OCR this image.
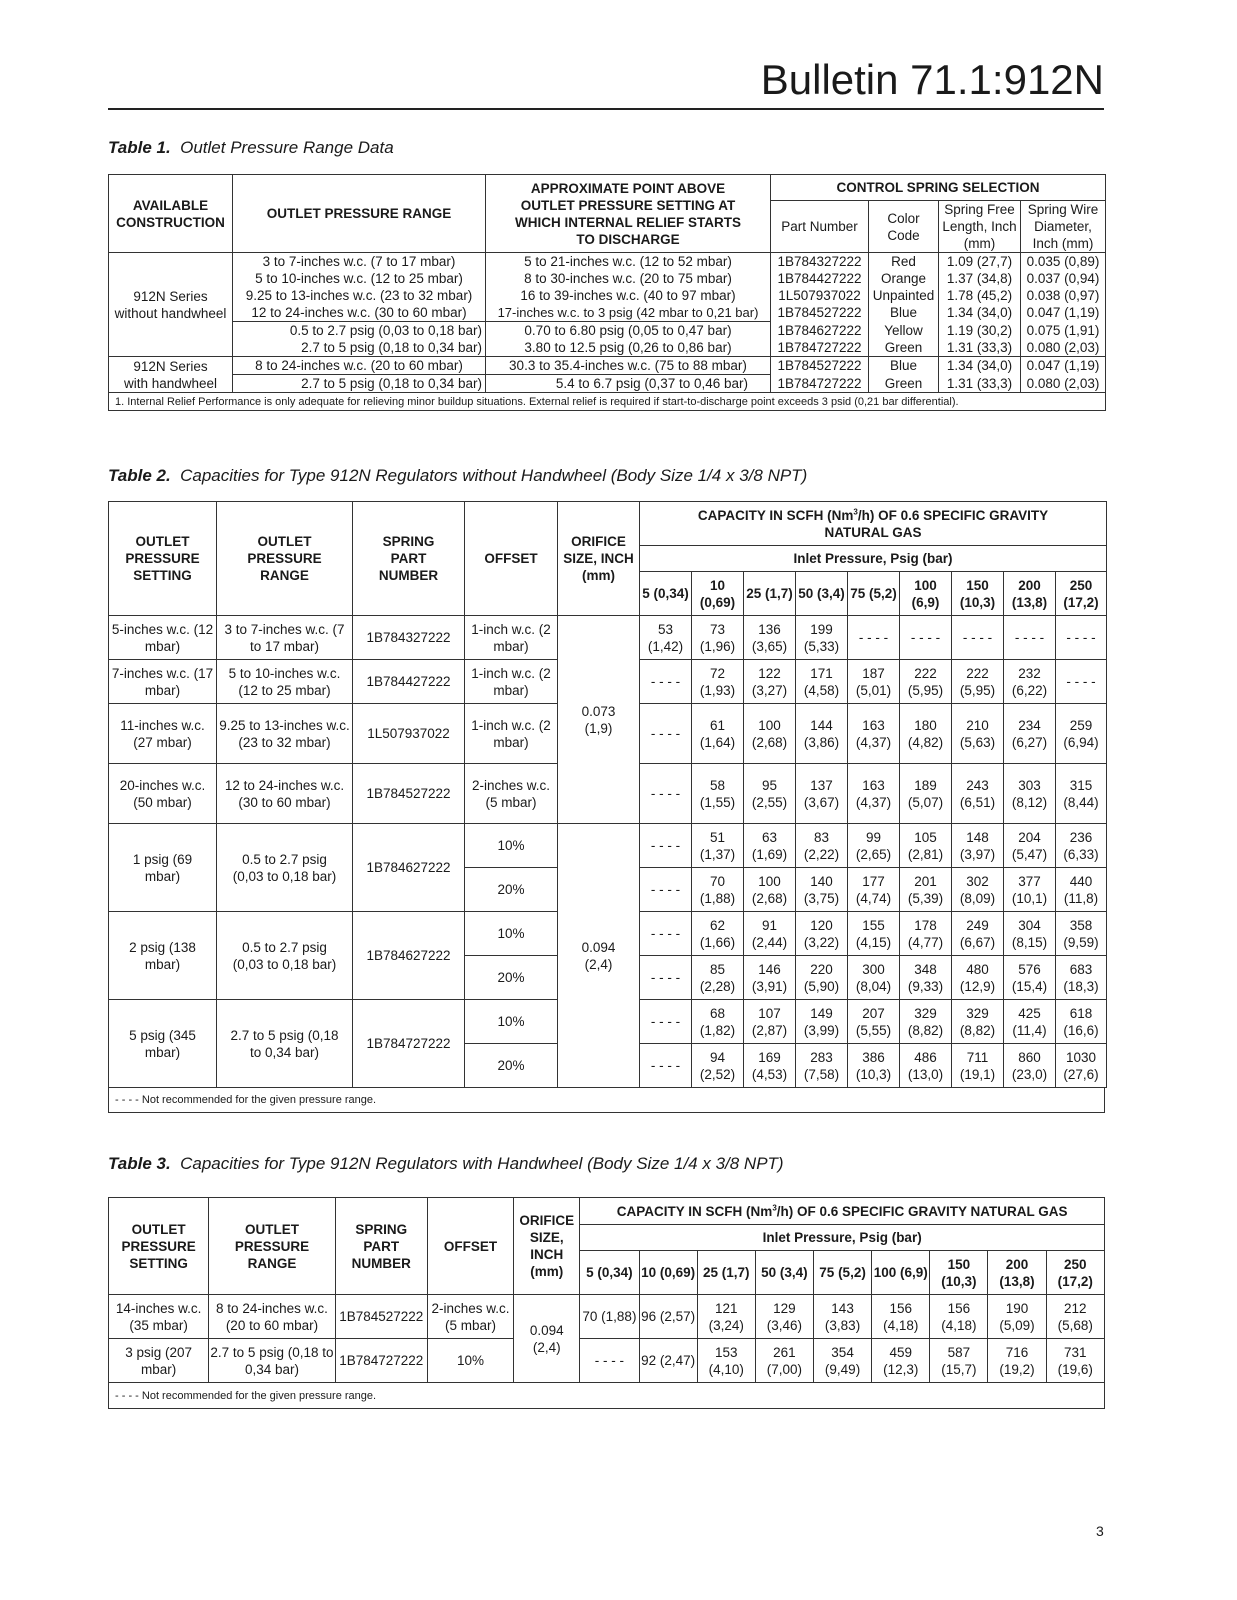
Bulletin 71.1:912N
Table 1. Outlet Pressure Range Data
AVAILABLE CONSTRUCTION	OUTLET PRESSURE RANGE	APPROXIMATE POINT ABOVE OUTLET PRESSURE SETTING AT WHICH INTERNAL RELIEF STARTS TO DISCHARGE	CONTROL SPRING SELECTION			
			Part Number	Color Code	Spring Free Length, Inch (mm)	Spring Wire Diameter, Inch (mm)
912N Series without handwheel	3 to 7-inches w.c. (7 to 17 mbar)	5 to 21-inches w.c. (12 to 52 mbar)	1B784327222	Red	1.09 (27,7)	0.035 (0,89)
	5 to 10-inches w.c. (12 to 25 mbar)	8 to 30-inches w.c. (20 to 75 mbar)	1B784427222	Orange	1.37 (34,8)	0.037 (0,94)
	9.25 to 13-inches w.c. (23 to 32 mbar)	16 to 39-inches w.c. (40 to 97 mbar)	1L507937022	Unpainted	1.78 (45,2)	0.038 (0,97)
	12 to 24-inches w.c. (30 to 60 mbar)	17-inches w.c. to 3 psig (42 mbar to 0,21 bar)	1B784527222	Blue	1.34 (34,0)	0.047 (1,19)
	0.5 to 2.7 psig (0,03 to 0,18 bar)	0.70 to 6.80 psig (0,05 to 0,47 bar)	1B784627222	Yellow	1.19 (30,2)	0.075 (1,91)
	2.7 to 5 psig (0,18 to 0,34 bar)	3.80 to 12.5 psig (0,26 to 0,86 bar)	1B784727222	Green	1.31 (33,3)	0.080 (2,03)
912N Series with handwheel	8 to 24-inches w.c. (20 to 60 mbar)	30.3 to 35.4-inches w.c. (75 to 88 mbar)	1B784527222	Blue	1.34 (34,0)	0.047 (1,19)
	2.7 to 5 psig (0,18 to 0,34 bar)	5.4 to 6.7 psig (0,37 to 0,46 bar)	1B784727222	Green	1.31 (33,3)	0.080 (2,03)
1. Internal Relief Performance is only adequate for relieving minor buildup situations. External relief is required if start-to-discharge point exceeds 3 psid (0,21 bar differential).						
Table 2. Capacities for Type 912N Regulators without Handwheel (Body Size 1/4 x 3/8 NPT)
OUTLET PRESSURE SETTING	OUTLET PRESSURE RANGE	SPRING PART NUMBER	OFFSET	ORIFICE SIZE, INCH (mm)	CAPACITY IN SCFH (Nm$^3$/h) OF 0.6 SPECIFIC GRAVITY NATURAL GAS								
					Inlet Pressure, Psig (bar)								
					5 (0,34)	10 (0,69)	25 (1,7)	50 (3,4)	75 (5,2)	100 (6,9)	150 (10,3)	200 (13,8)	250 (17,2)
5-inches w.c. (12 mbar)	3 to 7-inches w.c. (7 to 17 mbar)	1B784327222	1-inch w.c. (2 mbar)	0.073 (1,9)	53 (1,42)	73 (1,96)	136 (3,65)	199 (5,33)	- - - -	- - - -	- - - -	- - - -	- - - -
7-inches w.c. (17 mbar)	5 to 10-inches w.c. (12 to 25 mbar)	1B784427222	1-inch w.c. (2 mbar)		- - - -	72 (1,93)	122 (3,27)	171 (4,58)	187 (5,01)	222 (5,95)	222 (5,95)	232 (6,22)	- - - -
11-inches w.c. (27 mbar)	9.25 to 13-inches w.c. (23 to 32 mbar)	1L507937022	1-inch w.c. (2 mbar)		- - - -	61 (1,64)	100 (2,68)	144 (3,86)	163 (4,37)	180 (4,82)	210 (5,63)	234 (6,27)	259 (6,94)
20-inches w.c. (50 mbar)	12 to 24-inches w.c. (30 to 60 mbar)	1B784527222	2-inches w.c. (5 mbar)		- - - -	58 (1,55)	95 (2,55)	137 (3,67)	163 (4,37)	189 (5,07)	243 (6,51)	303 (8,12)	315 (8,44)
1 psig (69 mbar)	0.5 to 2.7 psig (0,03 to 0,18 bar)	1B784627222	10%	0.094 (2,4)	- - - -	51 (1,37)	63 (1,69)	83 (2,22)	99 (2,65)	105 (2,81)	148 (3,97)	204 (5,47)	236 (6,33)
			20%		- - - -	70 (1,88)	100 (2,68)	140 (3,75)	177 (4,74)	201 (5,39)	302 (8,09)	377 (10,1)	440 (11,8)
2 psig (138 mbar)	0.5 to 2.7 psig (0,03 to 0,18 bar)	1B784627222	10%		- - - -	62 (1,66)	91 (2,44)	120 (3,22)	155 (4,15)	178 (4,77)	249 (6,67)	304 (8,15)	358 (9,59)
			20%		- - - -	85 (2,28)	146 (3,91)	220 (5,90)	300 (8,04)	348 (9,33)	480 (12,9)	576 (15,4)	683 (18,3)
5 psig (345 mbar)	2.7 to 5 psig (0,18 to 0,34 bar)	1B784727222	10%		- - - -	68 (1,82)	107 (2,87)	149 (3,99)	207 (5,55)	329 (8,82)	329 (8,82)	425 (11,4)	618 (16,6)
			20%		- - - -	94 (2,52)	169 (4,53)	283 (7,58)	386 (10,3)	486 (13,0)	711 (19,1)	860 (23,0)	1030 (27,6)
- - - - Not recommended for the given pressure range.
Table 3. Capacities for Type 912N Regulators with Handwheel (Body Size 1/4 x 3/8 NPT)
OUTLET PRESSURE SETTING	OUTLET PRESSURE RANGE	SPRING PART NUMBER	OFFSET	ORIFICE SIZE, INCH (mm)	CAPACITY IN SCFH (Nm$^3$/h) OF 0.6 SPECIFIC GRAVITY NATURAL GAS								
					Inlet Pressure, Psig (bar)								
					5 (0,34)	10 (0,69)	25 (1,7)	50 (3,4)	75 (5,2)	100 (6,9)	150 (10,3)	200 (13,8)	250 (17,2)
14-inches w.c. (35 mbar)	8 to 24-inches w.c. (20 to 60 mbar)	1B784527222	2-inches w.c. (5 mbar)	0.094 (2,4)	70 (1,88)	96 (2,57)	121 (3,24)	129 (3,46)	143 (3,83)	156 (4,18)	156 (4,18)	190 (5,09)	212 (5,68)
3 psig (207 mbar)	2.7 to 5 psig (0,18 to 0,34 bar)	1B784727222	10%		- - - -	92 (2,47)	153 (4,10)	261 (7,00)	354 (9,49)	459 (12,3)	587 (15,7)	716 (19,2)	731 (19,6)
- - - - Not recommended for the given pressure range.
3
